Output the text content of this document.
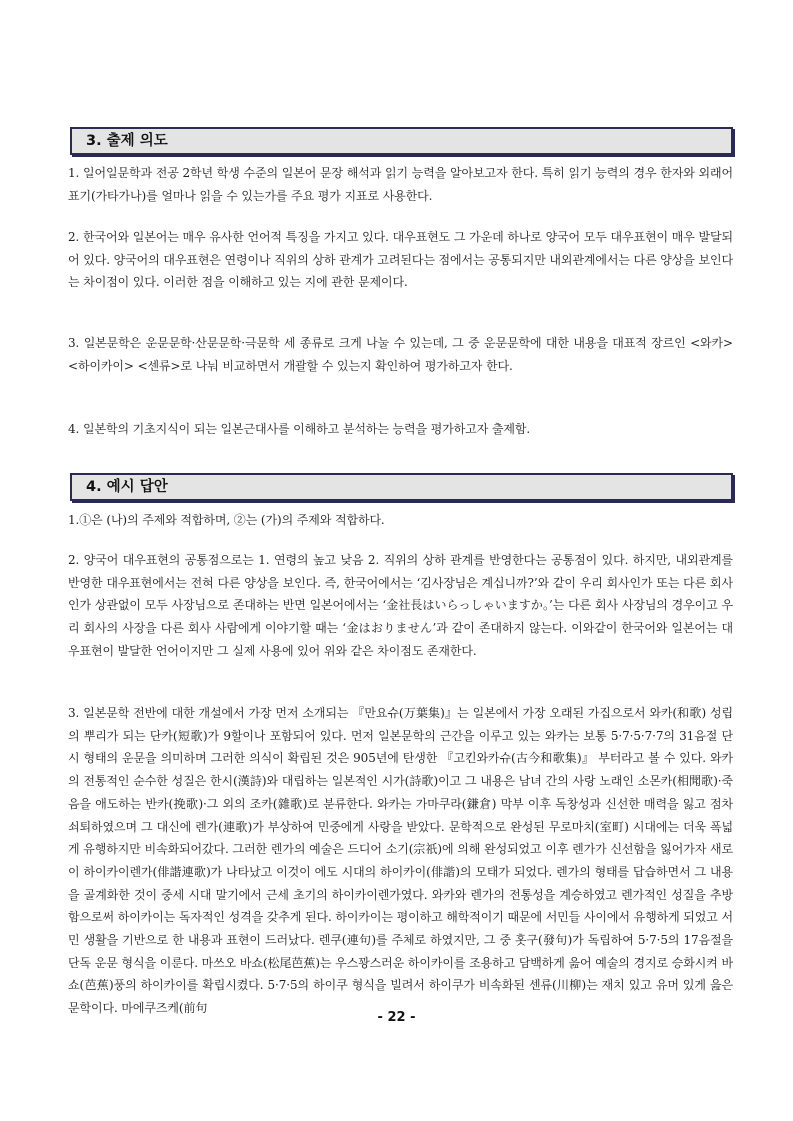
3. 출제 의도

1. 일어일문학과 전공 2학년 학생 수준의 일본어 문장 해석과 읽기 능력을 알아보고자 한다. 특히 읽기 능력의 경우 한자와 외래어 표기(가타가나)를 얼마나 읽을 수 있는가를 주요 평가 지표로 사용한다.

2. 한국어와 일본어는 매우 유사한 언어적 특징을 가지고 있다. 대우표현도 그 가운데 하나로 양국어 모두 대우표현이 매우 발달되어 있다. 양국어의 대우표현은 연령이나 직위의 상하 관계가 고려된다는 점에서는 공통되지만 내외관계에서는 다른 양상을 보인다는 차이점이 있다. 이러한 점을 이해하고 있는 지에 관한 문제이다.

3. 일본문학은 운문문학·산문문학·극문학 세 종류로 크게 나눌 수 있는데, 그 중 운문문학에 대한 내용을 대표적 장르인 <와카> <하이카이> <센류>로 나눠 비교하면서 개괄할 수 있는지 확인하여 평가하고자 한다.

4. 일본학의 기초지식이 되는 일본근대사를 이해하고 분석하는 능력을 평가하고자 출제함.

4. 예시 답안

1.①은 (나)의 주제와 적합하며, ②는 (가)의 주제와 적합하다.

2. 양국어 대우표현의 공통점으로는 1. 연령의 높고 낮음 2. 직위의 상하 관계를 반영한다는 공통점이 있다. 하지만, 내외관계를 반영한 대우표현에서는 전혀 다른 양상을 보인다. 즉, 한국어에서는 ‘김사장님은 계십니까?’와 같이 우리 회사인가 또는 다른 회사인가 상관없이 모두 사장님으로 존대하는 반면 일본어에서는 ‘金社長はいらっしゃいますか。’는 다른 회사 사장님의 경우이고 우리 회사의 사장을 다른 회사 사람에게 이야기할 때는 ‘金はおりません’과 같이 존대하지 않는다. 이와같이 한국어와 일본어는 대우표현이 발달한 언어이지만 그 실제 사용에 있어 위와 같은 차이점도 존재한다.

3. 일본문학 전반에 대한 개설에서 가장 먼저 소개되는 『만요슈(万葉集)』는 일본에서 가장 오래된 가집으로서 와카(和歌) 성립의 뿌리가 되는 단카(短歌)가 9할이나 포함되어 있다. 먼저 일본문학의 근간을 이루고 있는 와카는 보통 5·7·5·7·7의 31음절 단시 형태의 운문을 의미하며 그러한 의식이 확립된 것은 905년에 탄생한 『고킨와카슈(古今和歌集)』 부터라고 볼 수 있다. 와카의 전통적인 순수한 성질은 한시(漢詩)와 대립하는 일본적인 시가(詩歌)이고 그 내용은 남녀 간의 사랑 노래인 소몬카(相聞歌)·죽음을 애도하는 반카(挽歌)·그 외의 조카(雜歌)로 분류한다. 와카는 가마쿠라(鎌倉) 막부 이후 독창성과 신선한 매력을 잃고 점차 쇠퇴하였으며 그 대신에 렌가(連歌)가 부상하여 민중에게 사랑을 받았다. 문학적으로 완성된 무로마치(室町) 시대에는 더욱 폭넓게 유행하지만 비속화되어갔다. 그러한 렌가의 예술은 드디어 소기(宗祇)에 의해 완성되었고 이후 렌가가 신선함을 잃어가자 새로이 하이카이렌가(俳諧連歌)가 나타났고 이것이 에도 시대의 하이카이(俳諧)의 모태가 되었다. 렌가의 형태를 답습하면서 그 내용을 골계화한 것이 중세 시대 말기에서 근세 초기의 하이카이렌가였다. 와카와 렌가의 전통성을 계승하였고 렌가적인 성질을 추방함으로써 하이카이는 독자적인 성격을 갖추게 된다. 하이카이는 평이하고 해학적이기 때문에 서민들 사이에서 유행하게 되었고 서민 생활을 기반으로 한 내용과 표현이 드러났다. 렌쿠(連句)를 주체로 하였지만, 그 중 홋구(發句)가 독립하여 5·7·5의 17음절을 단독 운문 형식을 이룬다. 마쓰오 바쇼(松尾芭蕉)는 우스꽝스러운 하이카이를 조용하고 담백하게 읊어 예술의 경지로 승화시켜 바쇼(芭蕉)풍의 하이카이를 확립시켰다. 5·7·5의 하이쿠 형식을 빌려서 하이쿠가 비속화된 센류(川柳)는 재치 있고 유머 있게 읊은 문학이다. 마에쿠즈케(前句

- 22 -
